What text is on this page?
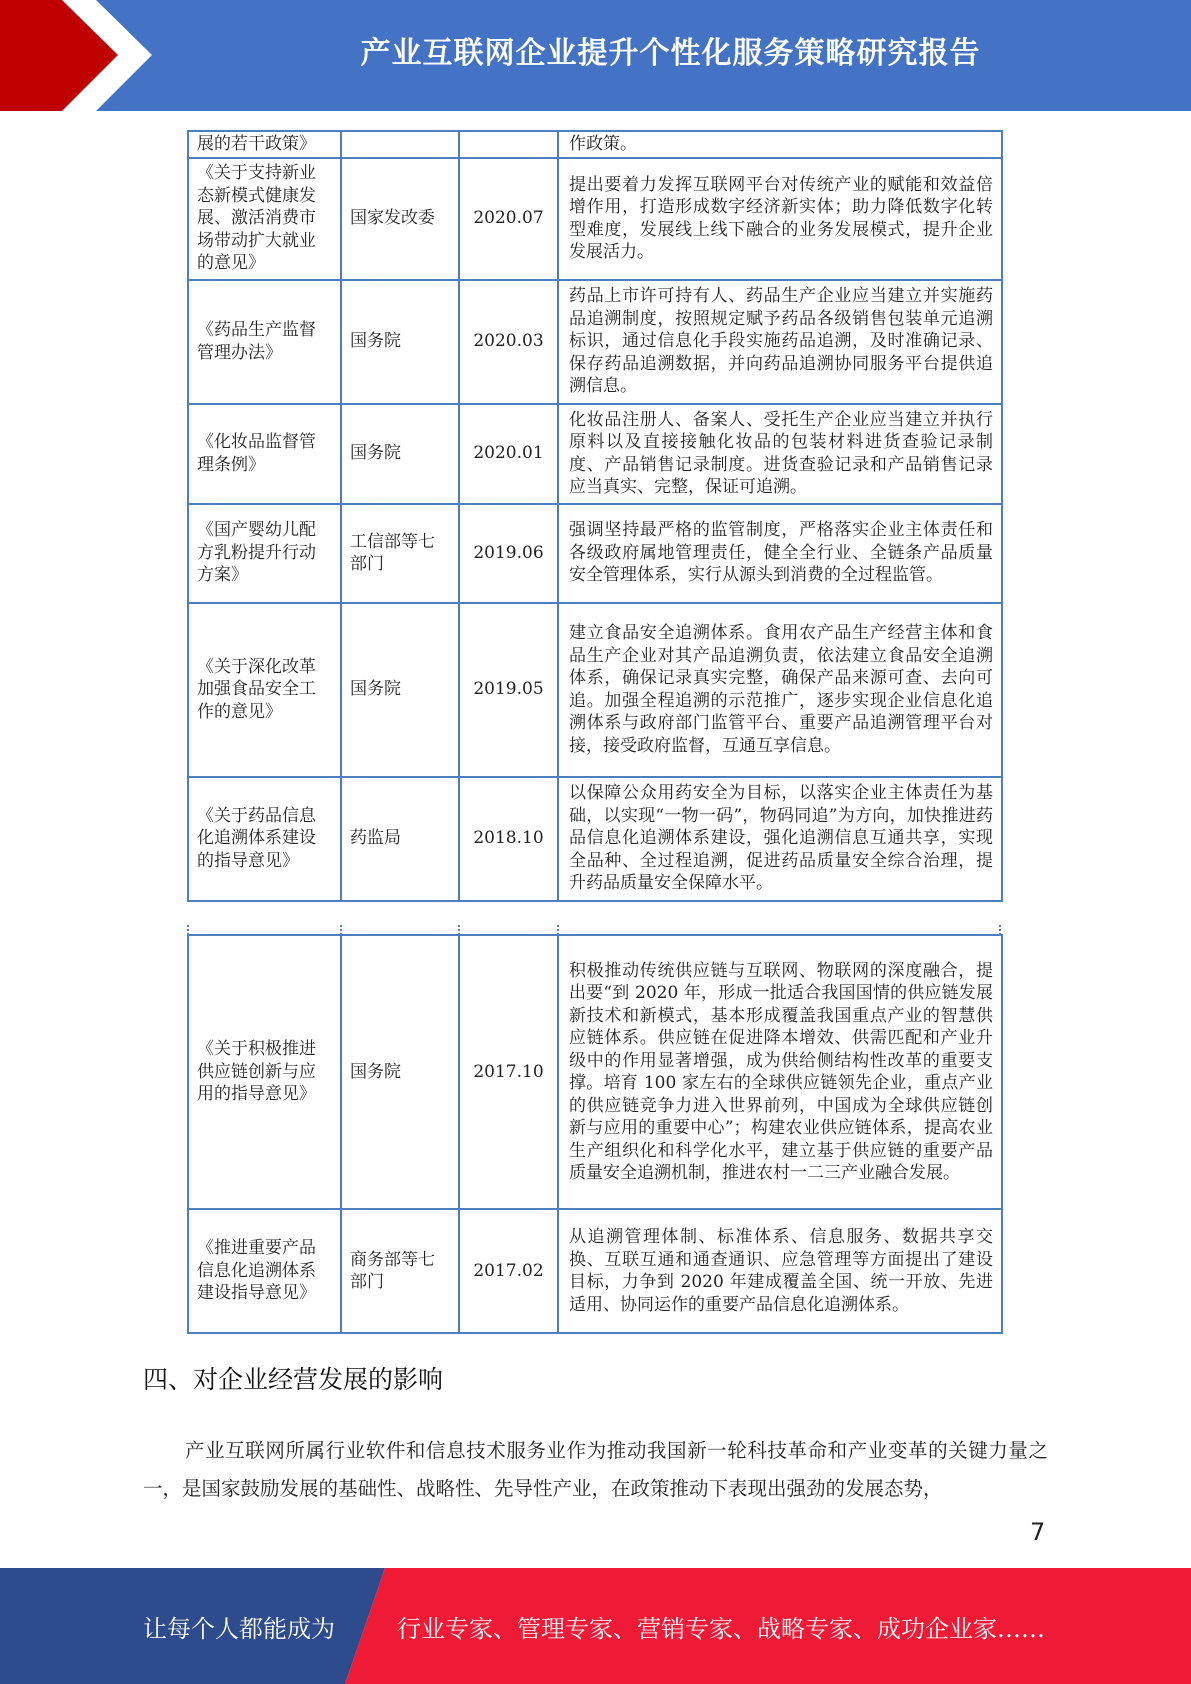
产业互联网企业提升个性化服务策略研究报告
展的若干政策》			作政策。
《关于支持新业态新模式健康发展、激活消费市场带动扩大就业的意见》	国家发改委	2020.07	提出要着力发挥互联网平台对传统产业的赋能和效益倍增作用，打造形成数字经济新实体；助力降低数字化转型难度，发展线上线下融合的业务发展模式，提升企业发展活力。
《药品生产监督管理办法》	国务院	2020.03	药品上市许可持有人、药品生产企业应当建立并实施药品追溯制度，按照规定赋予药品各级销售包装单元追溯标识，通过信息化手段实施药品追溯，及时准确记录、保存药品追溯数据，并向药品追溯协同服务平台提供追溯信息。
《化妆品监督管理条例》	国务院	2020.01	化妆品注册人、备案人、受托生产企业应当建立并执行原料以及直接接触化妆品的包装材料进货查验记录制度、产品销售记录制度。进货查验记录和产品销售记录应当真实、完整，保证可追溯。
《国产婴幼儿配方乳粉提升行动方案》	工信部等七部门	2019.06	强调坚持最严格的监管制度，严格落实企业主体责任和各级政府属地管理责任，健全全行业、全链条产品质量安全管理体系，实行从源头到消费的全过程监管。
《关于深化改革加强食品安全工作的意见》	国务院	2019.05	建立食品安全追溯体系。食用农产品生产经营主体和食品生产企业对其产品追溯负责，依法建立食品安全追溯体系，确保记录真实完整，确保产品来源可查、去向可追。加强全程追溯的示范推广，逐步实现企业信息化追溯体系与政府部门监管平台、重要产品追溯管理平台对接，接受政府监督，互通互享信息。
《关于药品信息化追溯体系建设的指导意见》	药监局	2018.10	以保障公众用药安全为目标，以落实企业主体责任为基础，以实现“一物一码”，物码同追”为方向，加快推进药品信息化追溯体系建设，强化追溯信息互通共享，实现全品种、全过程追溯，促进药品质量安全综合治理，提升药品质量安全保障水平。
《关于积极推进供应链创新与应用的指导意见》	国务院	2017.10	积极推动传统供应链与互联网、物联网的深度融合，提出要“到 2020 年，形成一批适合我国国情的供应链发展新技术和新模式，基本形成覆盖我国重点产业的智慧供应链体系。供应链在促进降本增效、供需匹配和产业升级中的作用显著增强，成为供给侧结构性改革的重要支撑。培育 100 家左右的全球供应链领先企业，重点产业的供应链竞争力进入世界前列，中国成为全球供应链创新与应用的重要中心”；构建农业供应链体系，提高农业生产组织化和科学化水平，建立基于供应链的重要产品质量安全追溯机制，推进农村一二三产业融合发展。
《推进重要产品信息化追溯体系建设指导意见》	商务部等七部门	2017.02	从追溯管理体制、标准体系、信息服务、数据共享交换、互联互通和通查通识、应急管理等方面提出了建设目标，力争到 2020 年建成覆盖全国、统一开放、先进适用、协同运作的重要产品信息化追溯体系。
四、对企业经营发展的影响

产业互联网所属行业软件和信息技术服务业作为推动我国新一轮科技革命和产业变革的关键力量之一，是国家鼓励发展的基础性、战略性、先导性产业，在政策推动下表现出强劲的发展态势，

7
让每个人都能成为	行业专家、管理专家、营销专家、战略专家、成功企业家……
